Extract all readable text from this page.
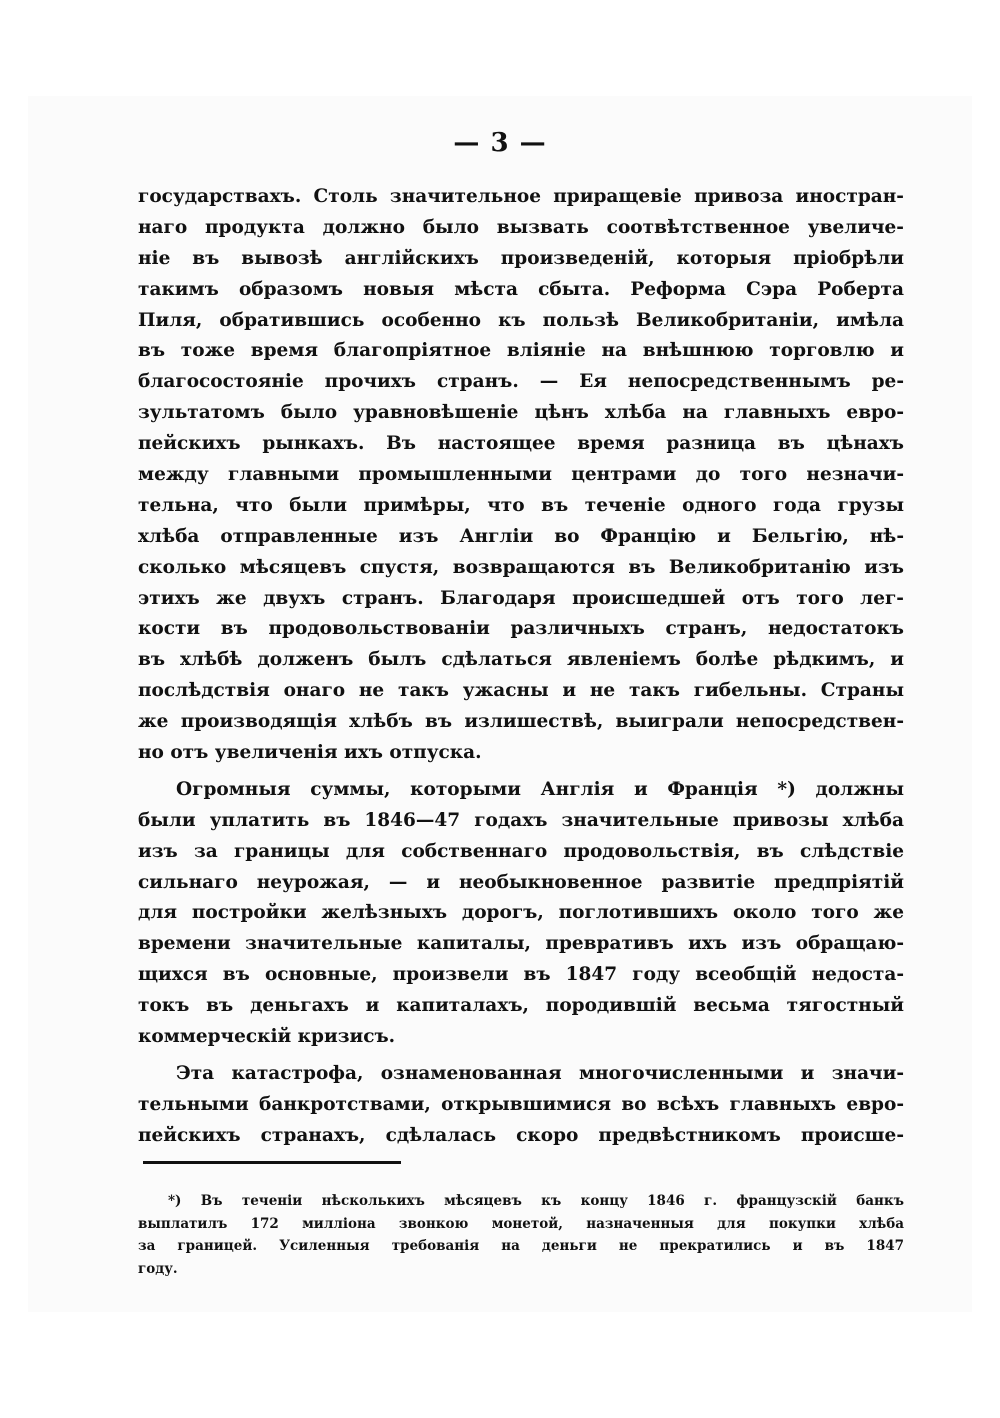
— 3 —
государствахъ. Столь значительное приращевіе привоза иностран-
наго продукта должно было вызвать соотвѣтственное увеличе-
ніе въ вывозѣ англійскихъ произведеній, которыя пріобрѣли
такимъ образомъ новыя мѣста сбыта. Реформа Сэра Роберта
Пиля, обратившись особенно къ пользѣ Великобританіи, имѣла
въ тоже время благопріятное вліяніе на внѣшнюю торговлю и
благосостояніе прочихъ странъ. — Ея непосредственнымъ ре-
зультатомъ было уравновѣшеніе цѣнъ хлѣба на главныхъ евро-
пейскихъ рынкахъ. Въ настоящее время разница въ цѣнахъ
между главными промышленными центрами до того незначи-
тельна, что были примѣры, что въ теченіе одного года грузы
хлѣба отправленные изъ Англіи во Францію и Бельгію, нѣ-
сколько мѣсяцевъ спустя, возвращаются въ Великобританію изъ
этихъ же двухъ странъ. Благодаря происшедшей отъ того лег-
кости въ продовольствованіи различныхъ странъ, недостатокъ
въ хлѣбѣ долженъ былъ сдѣлаться явленіемъ болѣе рѣдкимъ, и
послѣдствія онаго не такъ ужасны и не такъ гибельны. Страны
же производящія хлѣбъ въ излишествѣ, выиграли непосредствен-
но отъ увеличенія ихъ отпуска.
Огромныя суммы, которыми Англія и Франція *) должны
были уплатить въ 1846—47 годахъ значительные привозы хлѣба
изъ за границы для собственнаго продовольствія, въ слѣдствіе
сильнаго неурожая, — и необыкновенное развитіе предпріятій
для постройки желѣзныхъ дорогъ, поглотившихъ около того же
времени значительные капиталы, превративъ ихъ изъ обращаю-
щихся въ основные, произвели въ 1847 году всеобщій недоста-
токъ въ деньгахъ и капиталахъ, породившій весьма тягостный
коммерческій кризисъ.
Эта катастрофа, ознаменованная многочисленными и значи-
тельными банкротствами, открывшимися во всѣхъ главныхъ евро-
пейскихъ странахъ, сдѣлалась скоро предвѣстникомъ происше-
*) Въ теченіи нѣсколькихъ мѣсяцевъ къ концу 1846 г. французскій банкъ
выплатилъ 172 милліона звонкою монетой, назначенныя для покупки хлѣба
за границей. Усиленныя требованія на деньги не прекратились и въ 1847
году.
